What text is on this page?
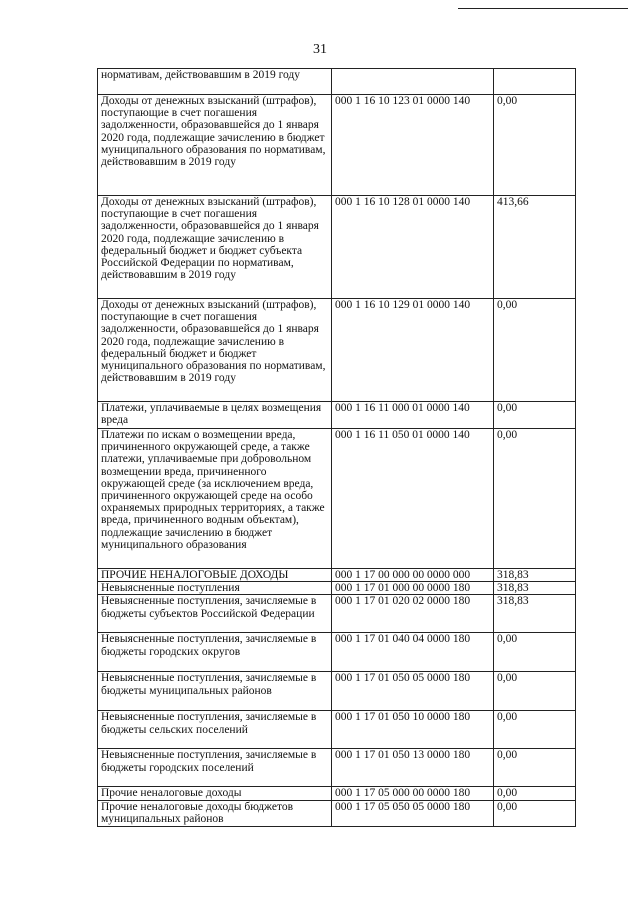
31
нормативам, действовавшим в 2019 году		
Доходы от денежных взысканий (штрафов), поступающие в счет погашения задолженности, образовавшейся до 1 января 2020 года, подлежащие зачислению в бюджет муниципального образования по нормативам, действовавшим в 2019 году	000 1 16 10 123 01 0000 140	0,00
Доходы от денежных взысканий (штрафов), поступающие в счет погашения задолженности, образовавшейся до 1 января 2020 года, подлежащие зачислению в федеральный бюджет и бюджет субъекта Российской Федерации по нормативам, действовавшим в 2019 году	000 1 16 10 128 01 0000 140	413,66
Доходы от денежных взысканий (штрафов), поступающие в счет погашения задолженности, образовавшейся до 1 января 2020 года, подлежащие зачислению в федеральный бюджет и бюджет муниципального образования по нормативам, действовавшим в 2019 году	000 1 16 10 129 01 0000 140	0,00
Платежи, уплачиваемые в целях возмещения вреда	000 1 16 11 000 01 0000 140	0,00
Платежи по искам о возмещении вреда, причиненного окружающей среде, а также платежи, уплачиваемые при добровольном возмещении вреда, причиненного окружающей среде (за исключением вреда, причиненного окружающей среде на особо охраняемых природных территориях, а также вреда, причиненного водным объектам), подлежащие зачислению в бюджет муниципального образования	000 1 16 11 050 01 0000 140	0,00
ПРОЧИЕ НЕНАЛОГОВЫЕ ДОХОДЫ	000 1 17 00 000 00 0000 000	318,83
Невыясненные поступления	000 1 17 01 000 00 0000 180	318,83
Невыясненные поступления, зачисляемые в бюджеты субъектов Российской Федерации	000 1 17 01 020 02 0000 180	318,83
Невыясненные поступления, зачисляемые в бюджеты городских округов	000 1 17 01 040 04 0000 180	0,00
Невыясненные поступления, зачисляемые в бюджеты муниципальных районов	000 1 17 01 050 05 0000 180	0,00
Невыясненные поступления, зачисляемые в бюджеты сельских поселений	000 1 17 01 050 10 0000 180	0,00
Невыясненные поступления, зачисляемые в бюджеты городских поселений	000 1 17 01 050 13 0000 180	0,00
Прочие неналоговые доходы	000 1 17 05 000 00 0000 180	0,00
Прочие неналоговые доходы бюджетов муниципальных районов	000 1 17 05 050 05 0000 180	0,00
